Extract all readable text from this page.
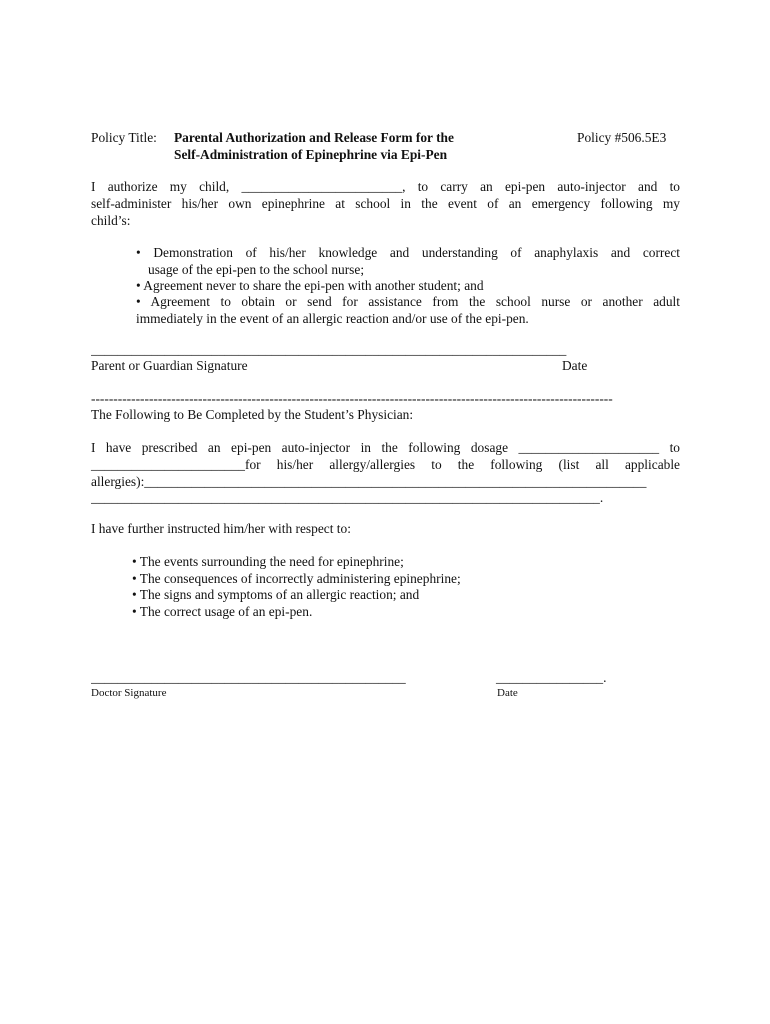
Policy Title: Parental Authorization and Release Form for the
Self-Administration of Epinephrine via Epi-Pen
Policy #506.5E3
I authorize my child, ________________________, to carry an epi-pen auto-injector and to
self-administer his/her own epinephrine at school in the event of an emergency following my
child’s:
• Demonstration of his/her knowledge and understanding of anaphylaxis and correct
usage of the epi-pen to the school nurse;
• Agreement never to share the epi-pen with another student; and
• Agreement to obtain or send for assistance from the school nurse or another adult
immediately in the event of an allergic reaction and/or use of the epi-pen.
_______________________________________________________________________
Parent or Guardian Signature	Date
---------------------------------------------------------------------------------------------------------------------
The Following to Be Completed by the Student’s Physician:
I have prescribed an epi-pen auto-injector in the following dosage _____________________ to
_______________________for his/her allergy/allergies to the following (list all applicable
allergies):___________________________________________________________________________
____________________________________________________________________________.
I have further instructed him/her with respect to:
• The events surrounding the need for epinephrine;
• The consequences of incorrectly administering epinephrine;
• The signs and symptoms of an allergic reaction; and
• The correct usage of an epi-pen.
_______________________________________________	________________.
Doctor Signature	Date
